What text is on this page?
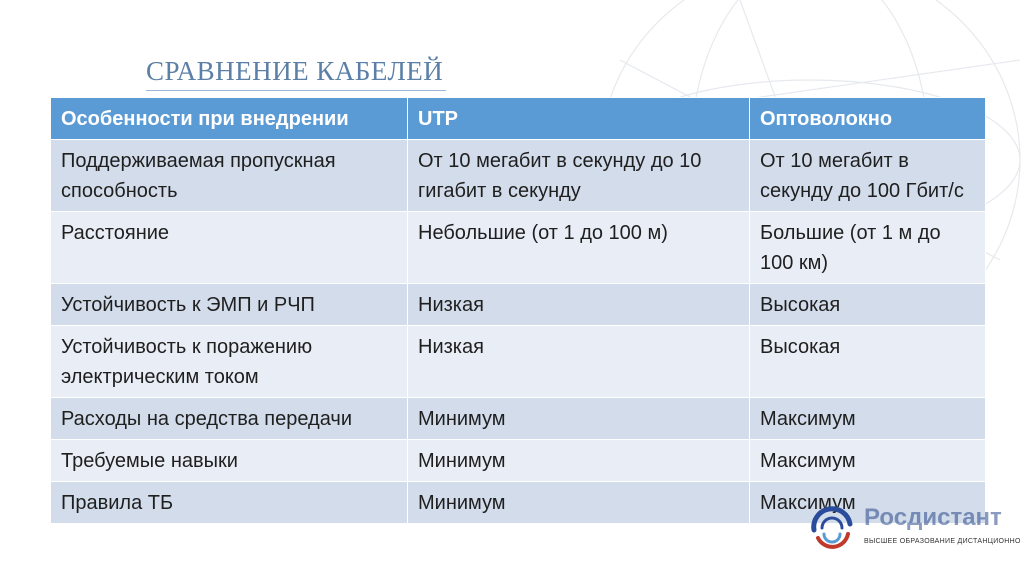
СРАВНЕНИЕ КАБЕЛЕЙ
Особенности при внедрении	UTP	Оптоволокно
Поддерживаемая пропускная способность	От 10 мегабит в секунду до 10 гигабит в секунду	От 10 мегабит в секунду до 100 Гбит/с
Расстояние	Небольшие (от 1 до 100 м)	Большие (от 1 м до 100 км)
Устойчивость к ЭМП и РЧП	Низкая	Высокая
Устойчивость к поражению электрическим током	Низкая	Высокая
Расходы на средства передачи	Минимум	Максимум
Требуемые навыки	Минимум	Максимум
Правила ТБ	Минимум	Максимум
Росдистант
ВЫСШЕЕ ОБРАЗОВАНИЕ ДИСТАНЦИОННО
